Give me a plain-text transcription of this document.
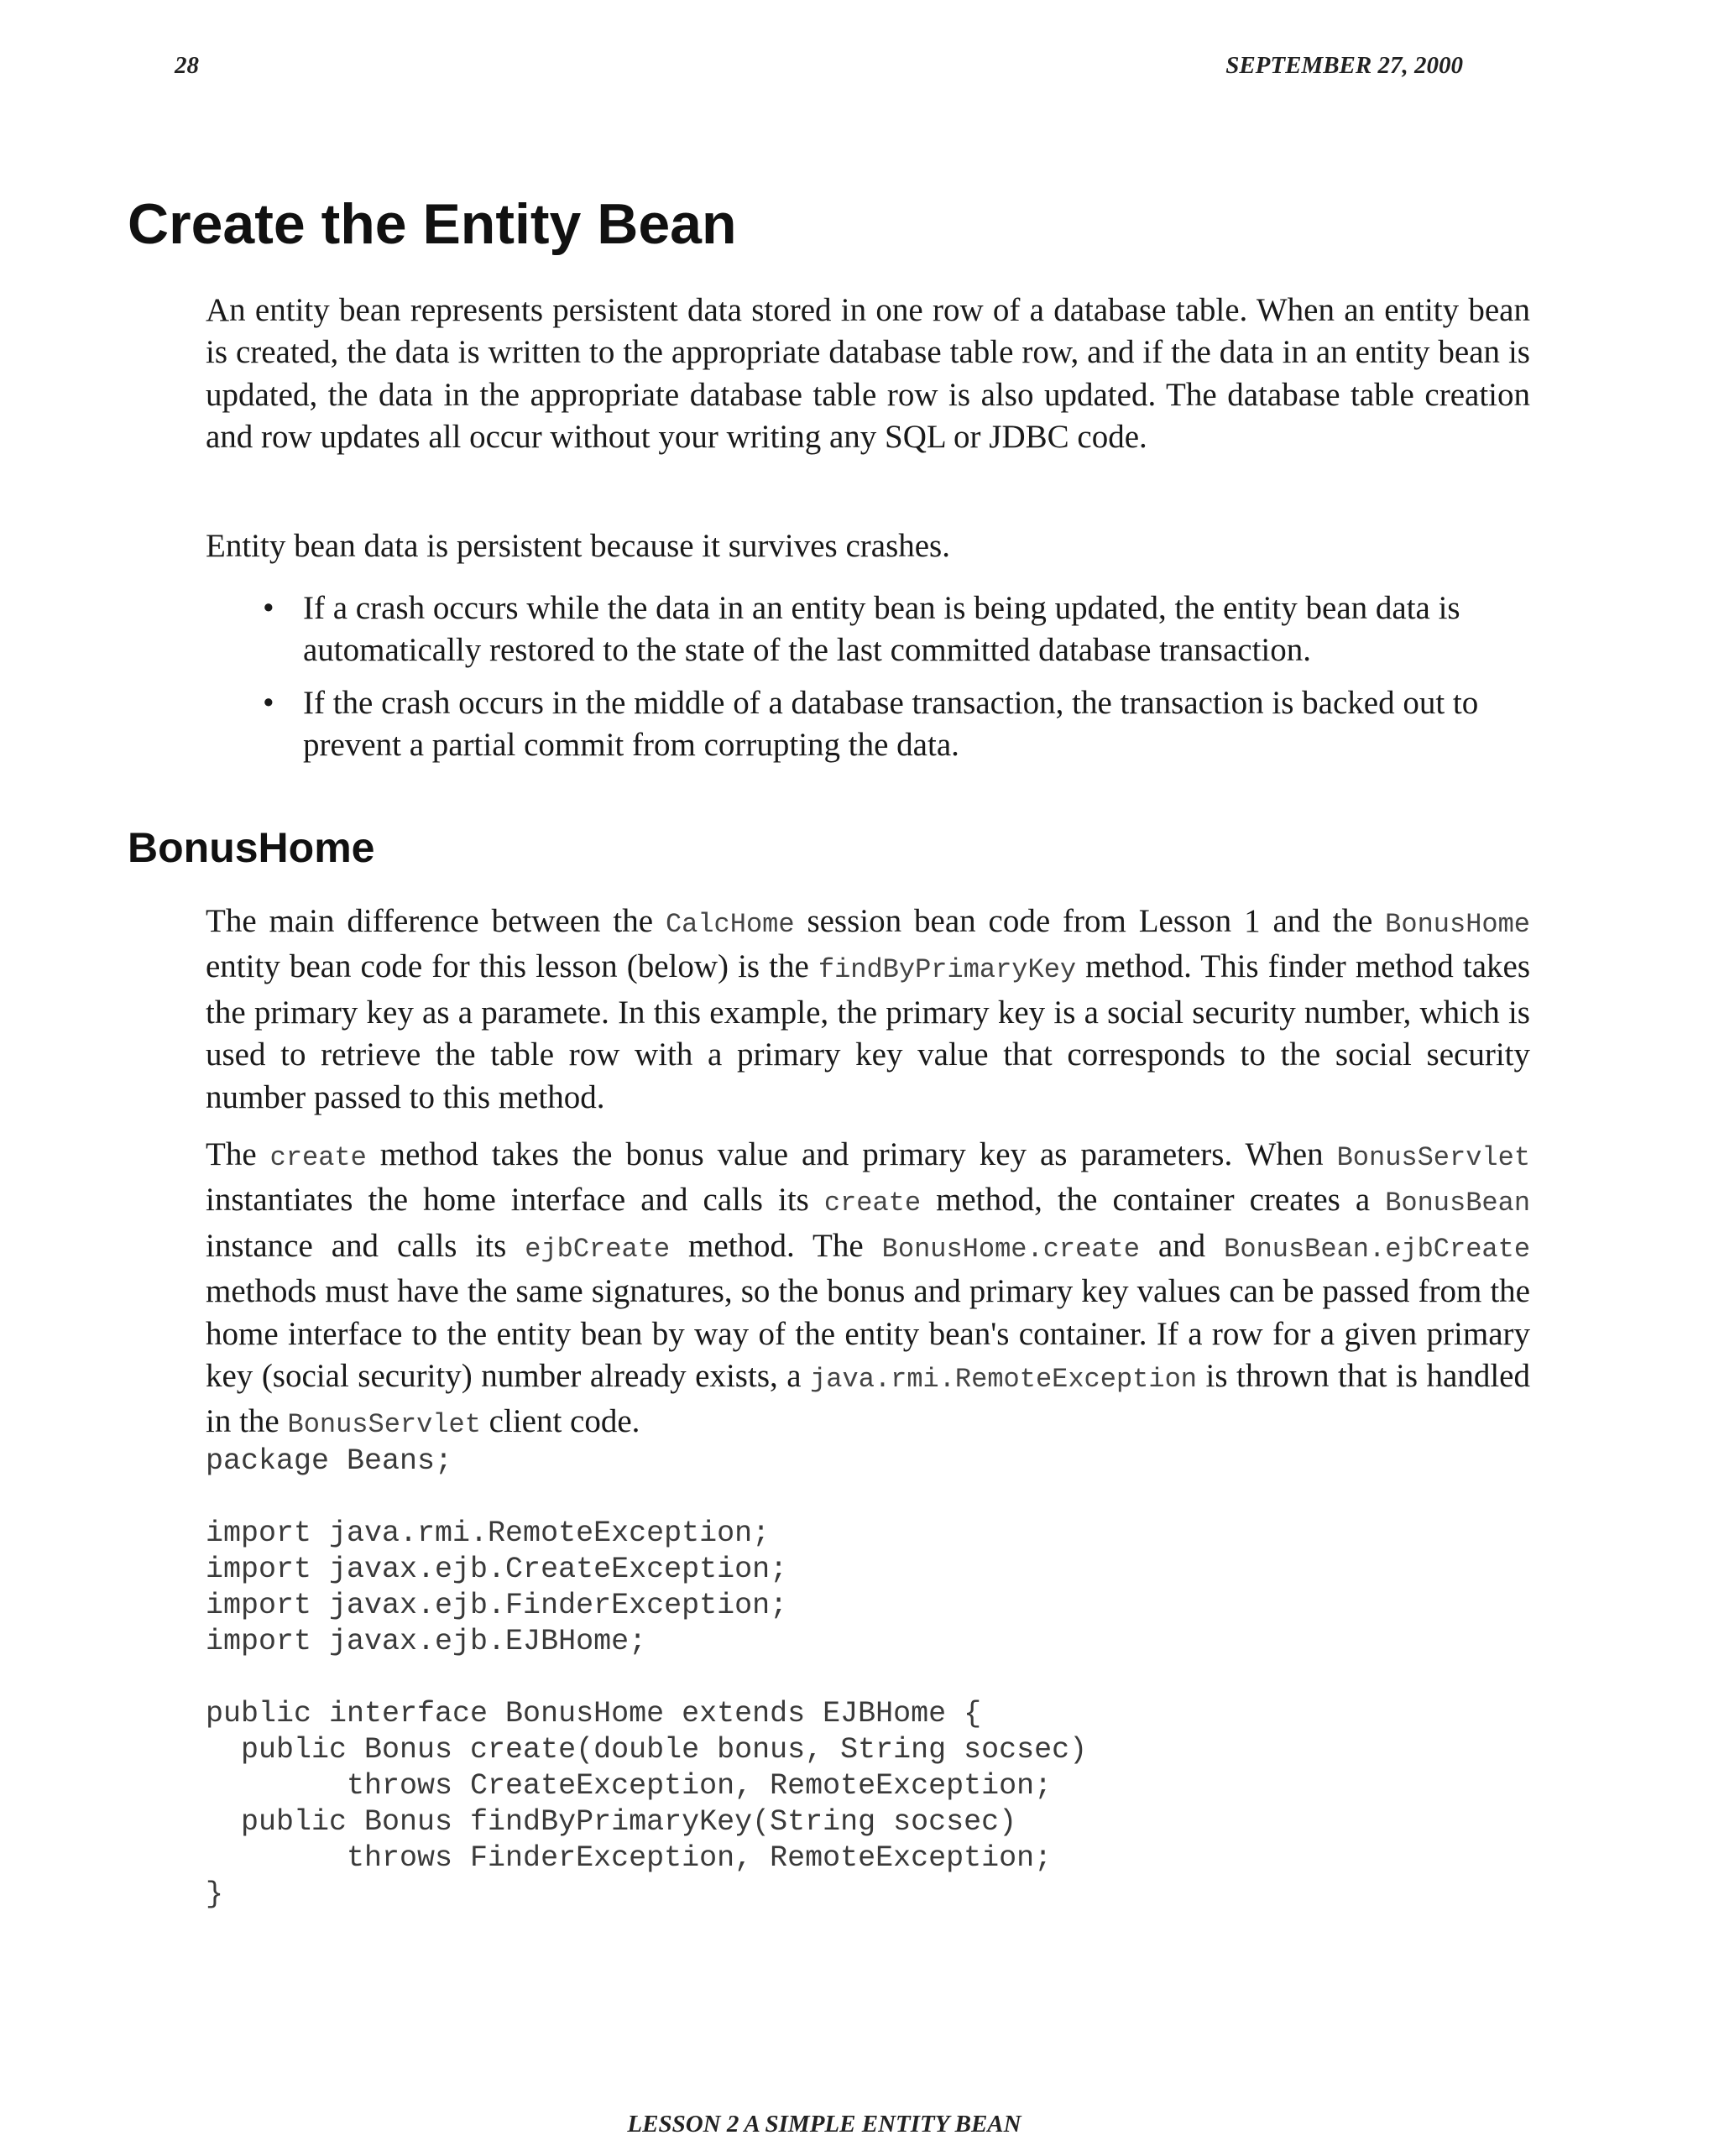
28	SEPTEMBER 27, 2000
Create the Entity Bean

An entity bean represents persistent data stored in one row of a database table. When an entity bean is created, the data is written to the appropriate database table row, and if the data in an entity bean is updated, the data in the appropriate database table row is also updated. The database table creation and row updates all occur without your writing any SQL or JDBC code.

Entity bean data is persistent because it survives crashes.

• If a crash occurs while the data in an entity bean is being updated, the entity bean data is automatically restored to the state of the last committed database transaction.
• If the crash occurs in the middle of a database transaction, the transaction is backed out to prevent a partial commit from corrupting the data.
BonusHome

The main difference between the CalcHome session bean code from Lesson 1 and the BonusHome entity bean code for this lesson (below) is the findByPrimaryKey method. This finder method takes the primary key as a paramete. In this example, the primary key is a social security number, which is used to retrieve the table row with a primary key value that corresponds to the social security number passed to this method.

The create method takes the bonus value and primary key as parameters. When BonusServlet instantiates the home interface and calls its create method, the container creates a BonusBean instance and calls its ejbCreate method. The BonusHome.create and BonusBean.ejbCreate methods must have the same signatures, so the bonus and primary key values can be passed from the home interface to the entity bean by way of the entity bean's container. If a row for a given primary key (social security) number already exists, a java.rmi.RemoteException is thrown that is handled in the BonusServlet client code.

package Beans;

import java.rmi.RemoteException;
import javax.ejb.CreateException;
import javax.ejb.FinderException;
import javax.ejb.EJBHome;

public interface BonusHome extends EJBHome {
public Bonus create(double bonus, String socsec)
throws CreateException, RemoteException;
public Bonus findByPrimaryKey(String socsec)
throws FinderException, RemoteException;
}
LESSON 2 A SIMPLE ENTITY BEAN
